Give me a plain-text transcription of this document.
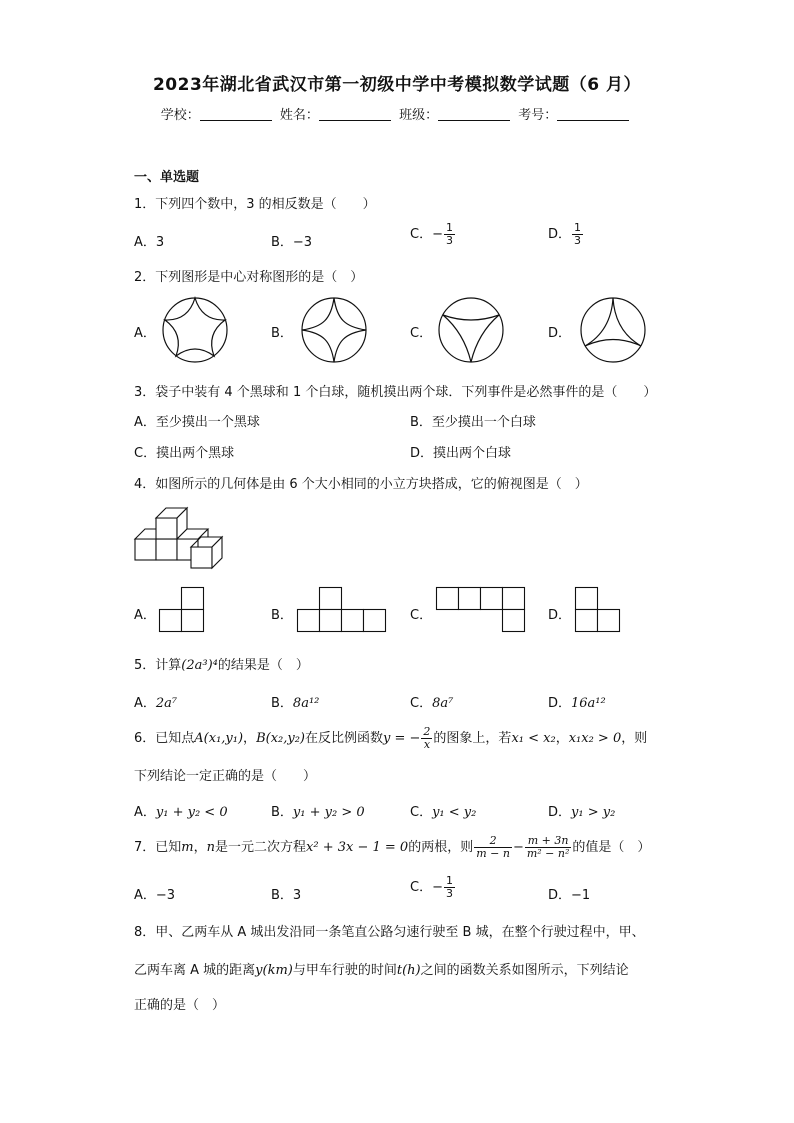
2023年湖北省武汉市第一初级中学中考模拟数学试题（6 月）
学校：	姓名：	班级：	考号：
一、单选题
1．下列四个数中，3 的相反数是（　　）
A．3	B．−3
C．− $\frac{1}{3}$	D． $\frac{1}{3}$
2．下列图形是中心对称图形的是（　）
A．	B．	C．	D．
3．袋子中装有 4 个黑球和 1 个白球，随机摸出两个球．下列事件是必然事件的是（　　）
A．至少摸出一个黑球	B．至少摸出一个白球
C．摸出两个黑球	D．摸出两个白球
4．如图所示的几何体是由 6 个大小相同的小立方块搭成，它的俯视图是（　）
A．	B．	C．	D．
5．计算(2a³)⁴的结果是（　）
A．2a⁷	B．8a¹²	C．8a⁷	D．16a¹²
6．已知点A(x₁,y₁)，B(x₂,y₂)在反比例函数y = − $\frac{2}{x}$ 的图象上，若x₁ < x₂，x₁x₂ > 0，则
下列结论一定正确的是（　　）
A．y₁ + y₂ < 0	B．y₁ + y₂ > 0	C．y₁ < y₂	D．y₁ > y₂
7．已知m，n是一元二次方程x² + 3x − 1 = 0的两根，则 $\frac{2}{m - n} - \frac{m + 3n}{\text{m² − n²}}$ 的值是（　）
A．−3	B．3
C．− $\frac{1}{3}$	D．−1
8．甲、乙两车从 A 城出发沿同一条笔直公路匀速行驶至 B 城，在整个行驶过程中，甲、
乙两车离 A 城的距离y(km)与甲车行驶的时间t(h)之间的函数关系如图所示，下列结论
正确的是（　）
